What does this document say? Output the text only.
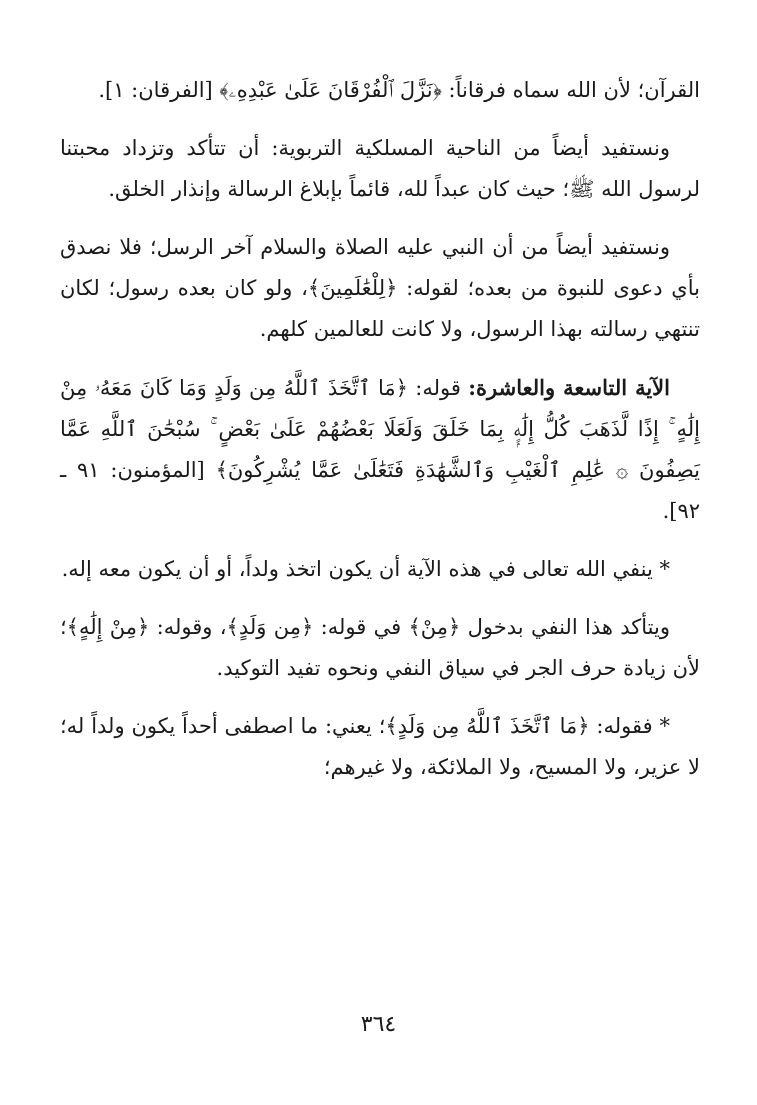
القرآن؛ لأن الله سماه فرقاناً: ﴿نَزَّلَ ٱلْفُرْقَانَ عَلَىٰ عَبْدِهِۦ﴾ [الفرقان: ١].

ونستفيد أيضاً من الناحية المسلكية التربوية: أن تتأكد وتزداد محبتنا لرسول الله ﷺ؛ حيث كان عبداً لله، قائماً بإبلاغ الرسالة وإنذار الخلق.

ونستفيد أيضاً من أن النبي عليه الصلاة والسلام آخر الرسل؛ فلا نصدق بأي دعوى للنبوة من بعده؛ لقوله: ﴿لِلْعَٰلَمِينَ﴾، ولو كان بعده رسول؛ لكان تنتهي رسالته بهذا الرسول، ولا كانت للعالمين كلهم.

الآية التاسعة والعاشرة: قوله: ﴿مَا ٱتَّخَذَ ٱللَّهُ مِن وَلَدٍ وَمَا كَانَ مَعَهُۥ مِنْ إِلَٰهٍ ۚ إِذًا لَّذَهَبَ كُلُّ إِلَٰهٍۭ بِمَا خَلَقَ وَلَعَلَا بَعْضُهُمْ عَلَىٰ بَعْضٍ ۚ سُبْحَٰنَ ٱللَّهِ عَمَّا يَصِفُونَ ۞ عَٰلِمِ ٱلْغَيْبِ وَٱلشَّهَٰدَةِ فَتَعَٰلَىٰ عَمَّا يُشْرِكُونَ﴾ [المؤمنون: ٩١ ـ ٩٢].

* ينفي الله تعالى في هذه الآية أن يكون اتخذ ولداً، أو أن يكون معه إله.

ويتأكد هذا النفي بدخول ﴿مِنْ﴾ في قوله: ﴿مِن وَلَدٍ﴾، وقوله: ﴿مِنْ إِلَٰهٍ﴾؛ لأن زيادة حرف الجر في سياق النفي ونحوه تفيد التوكيد.

* فقوله: ﴿مَا ٱتَّخَذَ ٱللَّهُ مِن وَلَدٍ﴾؛ يعني: ما اصطفى أحداً يكون ولداً له؛ لا عزير، ولا المسيح، ولا الملائكة، ولا غيرهم؛

٣٦٤
